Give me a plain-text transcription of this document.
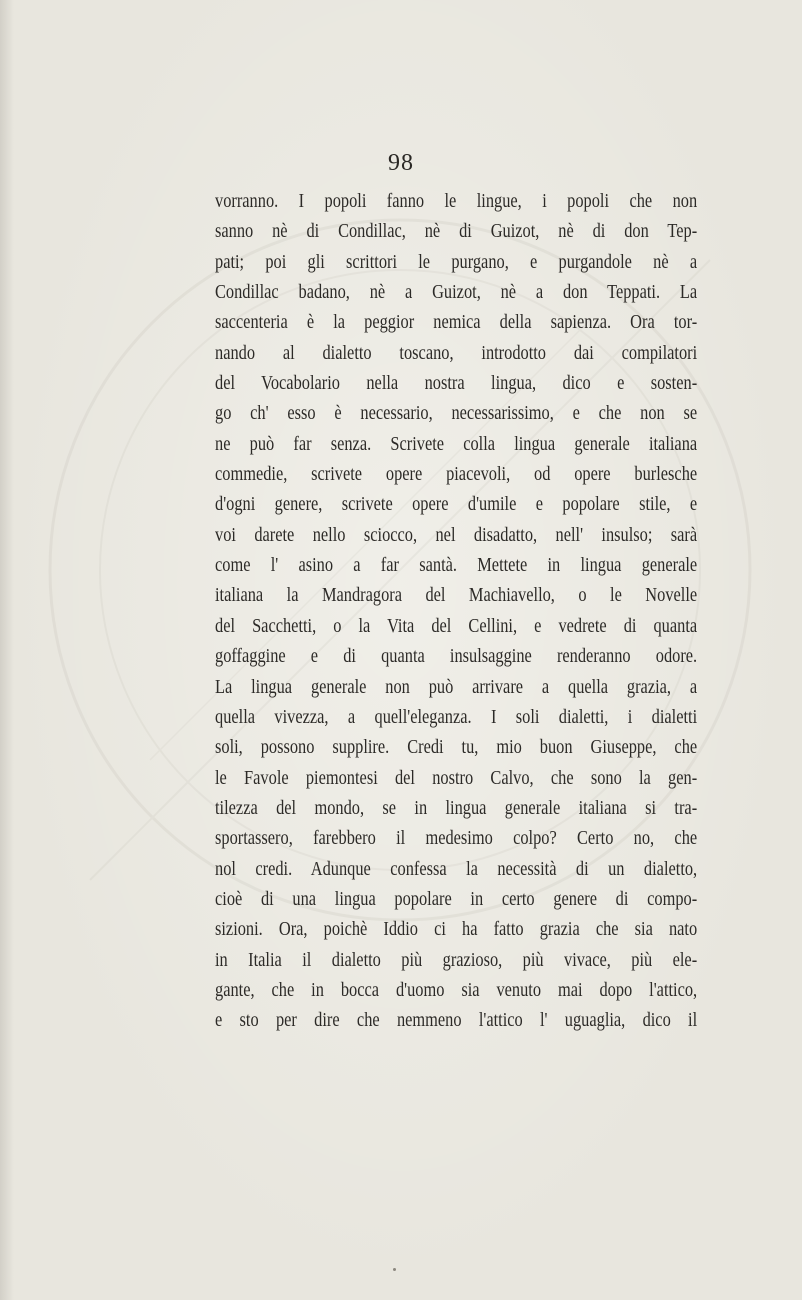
98
vorranno. I popoli fanno le lingue, i popoli che non
sanno nè di Condillac, nè di Guizot, nè di don Tep-
pati; poi gli scrittori le purgano, e purgandole nè a
Condillac badano, nè a Guizot, nè a don Teppati. La
saccenteria è la peggior nemica della sapienza. Ora tor-
nando al dialetto toscano, introdotto dai compilatori
del Vocabolario nella nostra lingua, dico e sosten-
go ch' esso è necessario, necessarissimo, e che non se
ne può far senza. Scrivete colla lingua generale italiana
commedie, scrivete opere piacevoli, od opere burlesche
d'ogni genere, scrivete opere d'umile e popolare stile, e
voi darete nello sciocco, nel disadatto, nell' insulso; sarà
come l' asino a far santà. Mettete in lingua generale
italiana la Mandragora del Machiavello, o le Novelle
del Sacchetti, o la Vita del Cellini, e vedrete di quanta
goffaggine e di quanta insulsaggine renderanno odore.
La lingua generale non può arrivare a quella grazia, a
quella vivezza, a quell'eleganza. I soli dialetti, i dialetti
soli, possono supplire. Credi tu, mio buon Giuseppe, che
le Favole piemontesi del nostro Calvo, che sono la gen-
tilezza del mondo, se in lingua generale italiana si tra-
sportassero, farebbero il medesimo colpo? Certo no, che
nol credi. Adunque confessa la necessità di un dialetto,
cioè di una lingua popolare in certo genere di compo-
sizioni. Ora, poichè Iddio ci ha fatto grazia che sia nato
in Italia il dialetto più grazioso, più vivace, più ele-
gante, che in bocca d'uomo sia venuto mai dopo l'attico,
e sto per dire che nemmeno l'attico l' uguaglia, dico il
